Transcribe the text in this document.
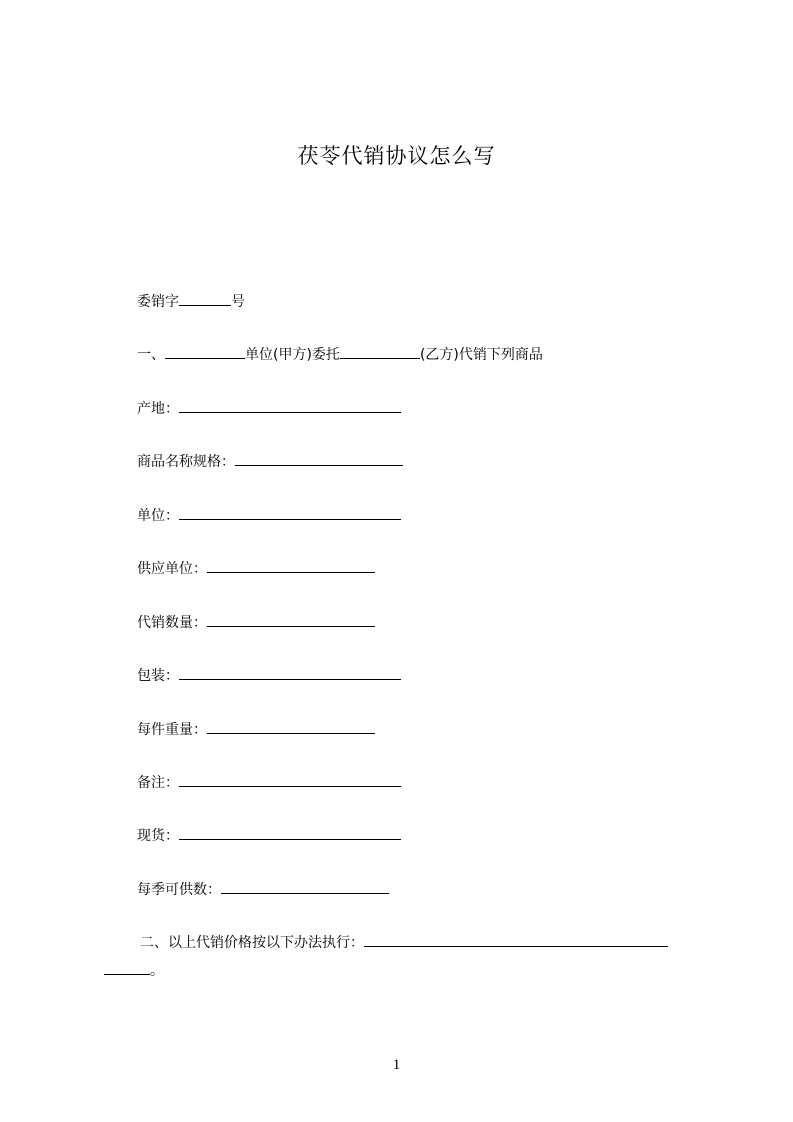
茯苓代销协议怎么写
委销字	号
一、	单位(甲方)委托	(乙方)代销下列商品
产地：
商品名称规格：
单位：
供应单位：
代销数量：
包装：
每件重量：
备注：
现货：
每季可供数：
二、以上代销价格按以下办法执行：
。
1
